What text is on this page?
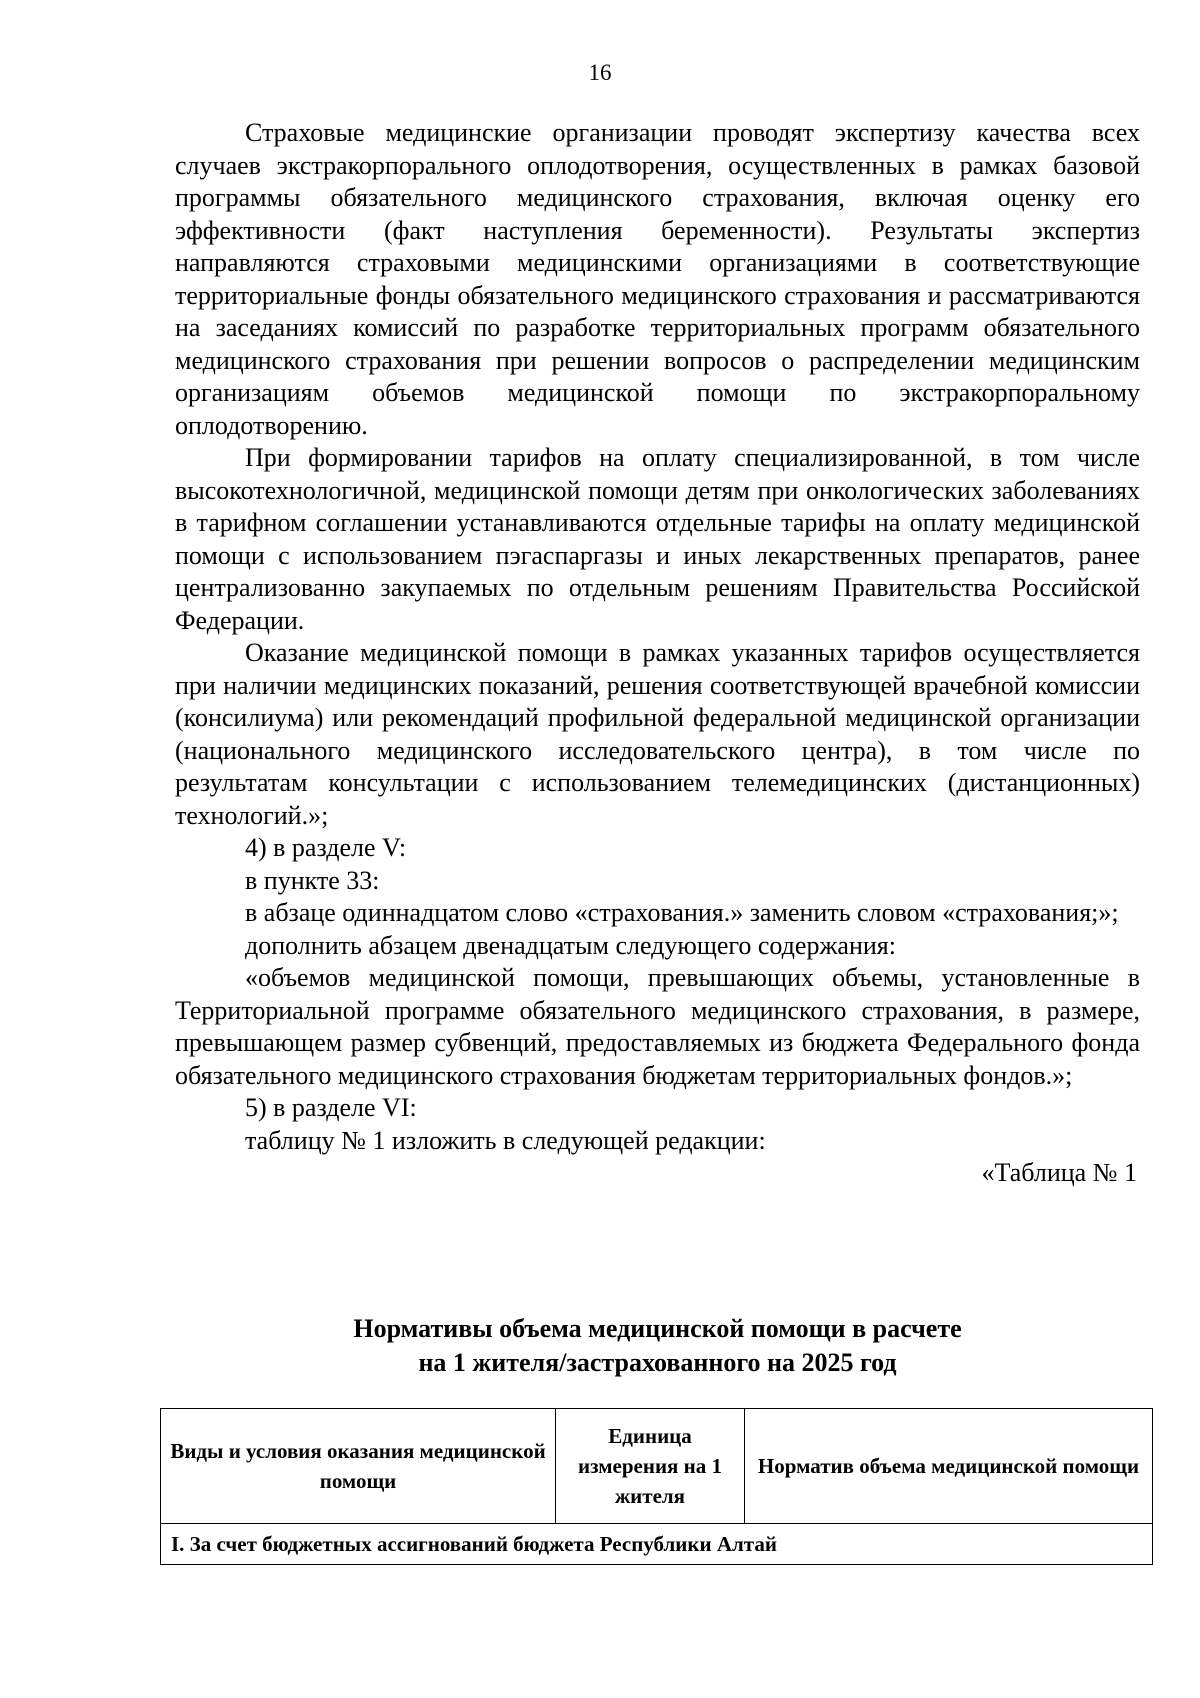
16

Страховые медицинские организации проводят экспертизу качества всех случаев экстракорпорального оплодотворения, осуществленных в рамках базовой программы обязательного медицинского страхования, включая оценку его эффективности (факт наступления беременности). Результаты экспертиз направляются страховыми медицинскими организациями в соответствующие территориальные фонды обязательного медицинского страхования и рассматриваются на заседаниях комиссий по разработке территориальных программ обязательного медицинского страхования при решении вопросов о распределении медицинским организациям объемов медицинской помощи по экстракорпоральному оплодотворению.

При формировании тарифов на оплату специализированной, в том числе высокотехнологичной, медицинской помощи детям при онкологических заболеваниях в тарифном соглашении устанавливаются отдельные тарифы на оплату медицинской помощи с использованием пэгаспаргазы и иных лекарственных препаратов, ранее централизованно закупаемых по отдельным решениям Правительства Российской Федерации.

Оказание медицинской помощи в рамках указанных тарифов осуществляется при наличии медицинских показаний, решения соответствующей врачебной комиссии (консилиума) или рекомендаций профильной федеральной медицинской организации (национального медицинского исследовательского центра), в том числе по результатам консультации с использованием телемедицинских (дистанционных) технологий.»;

4) в разделе V:

в пункте 33:

в абзаце одиннадцатом слово «страхования.» заменить словом «страхования;»;

дополнить абзацем двенадцатым следующего содержания:

«объемов медицинской помощи, превышающих объемы, установленные в Территориальной программе обязательного медицинского страхования, в размере, превышающем размер субвенций, предоставляемых из бюджета Федерального фонда обязательного медицинского страхования бюджетам территориальных фондов.»;

5) в разделе VI:

таблицу № 1 изложить в следующей редакции:

«Таблица № 1

Нормативы объема медицинской помощи в расчете
на 1 жителя/застрахованного на 2025 год
Виды и условия оказания медицинской помощи	Единица измерения на 1 жителя	Норматив объема медицинской помощи
I. За счет бюджетных ассигнований бюджета Республики Алтай
